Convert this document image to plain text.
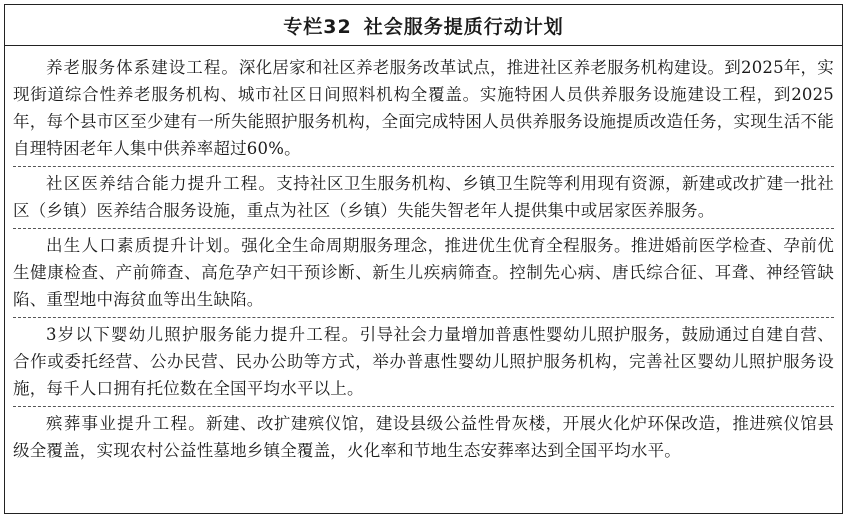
专栏32 社会服务提质行动计划

养老服务体系建设工程。深化居家和社区养老服务改革试点，推进社区养老服务机构建设。到2025年，实现街道综合性养老服务机构、城市社区日间照料机构全覆盖。实施特困人员供养服务设施建设工程，到2025年，每个县市区至少建有一所失能照护服务机构，全面完成特困人员供养服务设施提质改造任务，实现生活不能自理特困老年人集中供养率超过60%。

社区医养结合能力提升工程。支持社区卫生服务机构、乡镇卫生院等利用现有资源，新建或改扩建一批社区（乡镇）医养结合服务设施，重点为社区（乡镇）失能失智老年人提供集中或居家医养服务。

出生人口素质提升计划。强化全生命周期服务理念，推进优生优育全程服务。推进婚前医学检查、孕前优生健康检查、产前筛查、高危孕产妇干预诊断、新生儿疾病筛查。控制先心病、唐氏综合征、耳聋、神经管缺陷、重型地中海贫血等出生缺陷。

3岁以下婴幼儿照护服务能力提升工程。引导社会力量增加普惠性婴幼儿照护服务，鼓励通过自建自营、合作或委托经营、公办民营、民办公助等方式，举办普惠性婴幼儿照护服务机构，完善社区婴幼儿照护服务设施，每千人口拥有托位数在全国平均水平以上。

殡葬事业提升工程。新建、改扩建殡仪馆，建设县级公益性骨灰楼，开展火化炉环保改造，推进殡仪馆县级全覆盖，实现农村公益性墓地乡镇全覆盖，火化率和节地生态安葬率达到全国平均水平。
